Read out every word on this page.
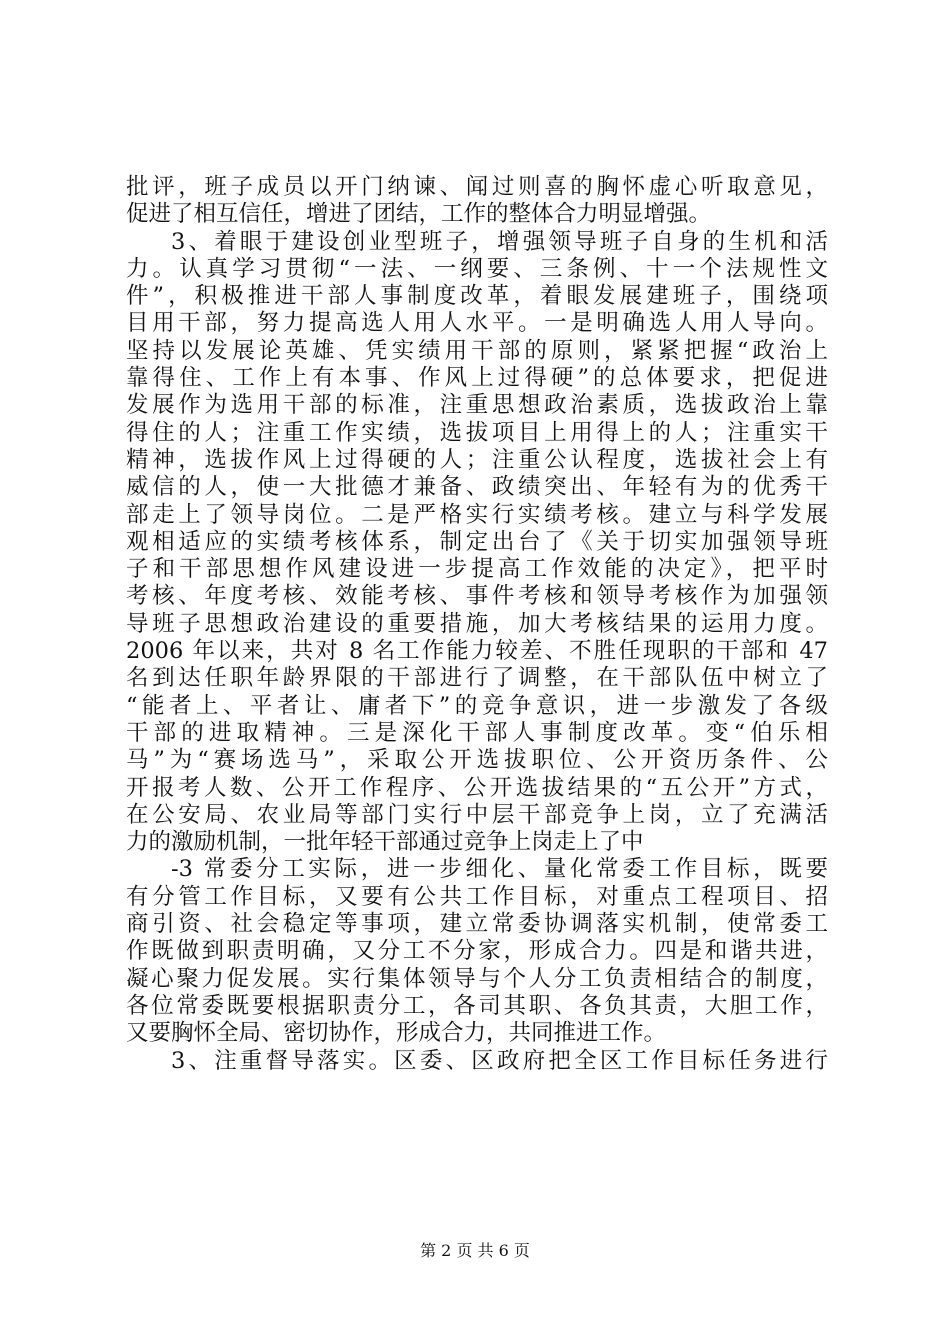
批评，班子成员以开门纳谏、闻过则喜的胸怀虚心听取意见，
促进了相互信任，增进了团结，工作的整体合力明显增强。
3、着眼于建设创业型班子，增强领导班子自身的生机和活
力。认真学习贯彻“一法、一纲要、三条例、十一个法规性文
件”，积极推进干部人事制度改革，着眼发展建班子，围绕项
目用干部，努力提高选人用人水平。一是明确选人用人导向。
坚持以发展论英雄、凭实绩用干部的原则，紧紧把握“政治上
靠得住、工作上有本事、作风上过得硬”的总体要求，把促进
发展作为选用干部的标准，注重思想政治素质，选拔政治上靠
得住的人；注重工作实绩，选拔项目上用得上的人；注重实干
精神，选拔作风上过得硬的人；注重公认程度，选拔社会上有
威信的人，使一大批德才兼备、政绩突出、年轻有为的优秀干
部走上了领导岗位。二是严格实行实绩考核。建立与科学发展
观相适应的实绩考核体系，制定出台了《关于切实加强领导班
子和干部思想作风建设进一步提高工作效能的决定》，把平时
考核、年度考核、效能考核、事件考核和领导考核作为加强领
导班子思想政治建设的重要措施，加大考核结果的运用力度。
2006 年以来，共对 8 名工作能力较差、不胜任现职的干部和 47
名到达任职年龄界限的干部进行了调整，在干部队伍中树立了
“能者上、平者让、庸者下”的竞争意识，进一步激发了各级
干部的进取精神。三是深化干部人事制度改革。变“伯乐相
马”为“赛场选马”，采取公开选拔职位、公开资历条件、公
开报考人数、公开工作程序、公开选拔结果的“五公开”方式，
在公安局、农业局等部门实行中层干部竞争上岗，立了充满活
力的激励机制，一批年轻干部通过竞争上岗走上了中
-3 常委分工实际，进一步细化、量化常委工作目标，既要
有分管工作目标，又要有公共工作目标，对重点工程项目、招
商引资、社会稳定等事项，建立常委协调落实机制，使常委工
作既做到职责明确，又分工不分家，形成合力。四是和谐共进，
凝心聚力促发展。实行集体领导与个人分工负责相结合的制度，
各位常委既要根据职责分工，各司其职、各负其责，大胆工作，
又要胸怀全局、密切协作，形成合力，共同推进工作。
3、注重督导落实。区委、区政府把全区工作目标任务进行
第 2 页 共 6 页
